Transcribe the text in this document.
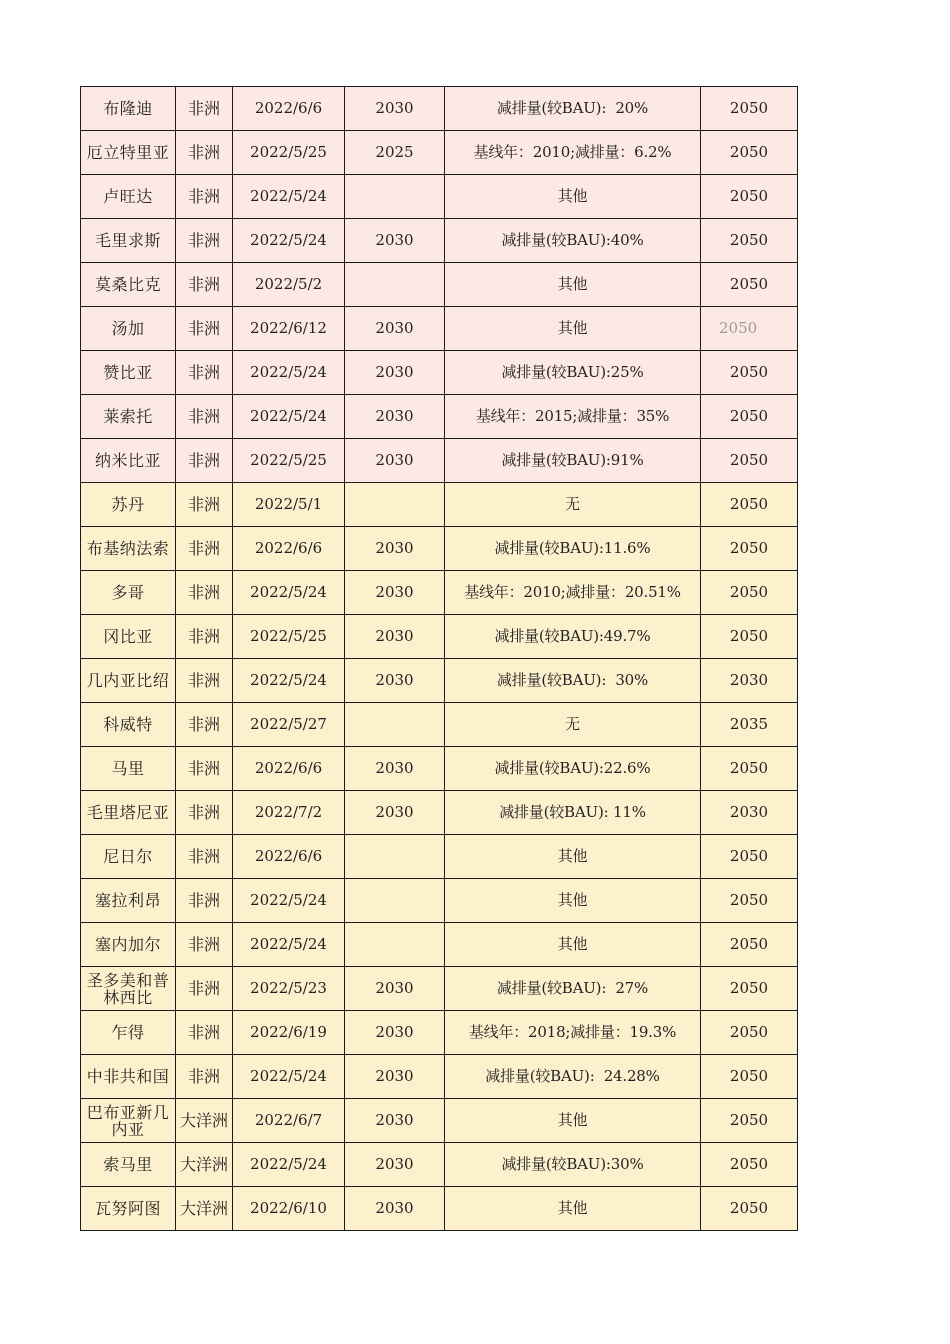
布隆迪	非洲	2022/6/6	2030	减排量(较BAU):  20%	2050
厄立特里亚	非洲	2022/5/25	2025	基线年：2010;减排量：6.2%	2050
卢旺达	非洲	2022/5/24		其他	2050
毛里求斯	非洲	2022/5/24	2030	减排量(较BAU):40%	2050
莫桑比克	非洲	2022/5/2		其他	2050
汤加	非洲	2022/6/12	2030	其他	2050
赞比亚	非洲	2022/5/24	2030	减排量(较BAU):25%	2050
莱索托	非洲	2022/5/24	2030	基线年：2015;减排量：35%	2050
纳米比亚	非洲	2022/5/25	2030	减排量(较BAU):91%	2050
苏丹	非洲	2022/5/1		无	2050
布基纳法索	非洲	2022/6/6	2030	减排量(较BAU):11.6%	2050
多哥	非洲	2022/5/24	2030	基线年：2010;减排量：20.51%	2050
冈比亚	非洲	2022/5/25	2030	减排量(较BAU):49.7%	2050
几内亚比绍	非洲	2022/5/24	2030	减排量(较BAU):  30%	2030
科威特	非洲	2022/5/27		无	2035
马里	非洲	2022/6/6	2030	减排量(较BAU):22.6%	2050
毛里塔尼亚	非洲	2022/7/2	2030	减排量(较BAU): 11%	2030
尼日尔	非洲	2022/6/6		其他	2050
塞拉利昂	非洲	2022/5/24		其他	2050
塞内加尔	非洲	2022/5/24		其他	2050
圣多美和普林西比	非洲	2022/5/23	2030	减排量(较BAU):  27%	2050
乍得	非洲	2022/6/19	2030	基线年：2018;减排量：19.3%	2050
中非共和国	非洲	2022/5/24	2030	减排量(较BAU):  24.28%	2050
巴布亚新几内亚	大洋洲	2022/6/7	2030	其他	2050
索马里	大洋洲	2022/5/24	2030	减排量(较BAU):30%	2050
瓦努阿图	大洋洲	2022/6/10	2030	其他	2050
